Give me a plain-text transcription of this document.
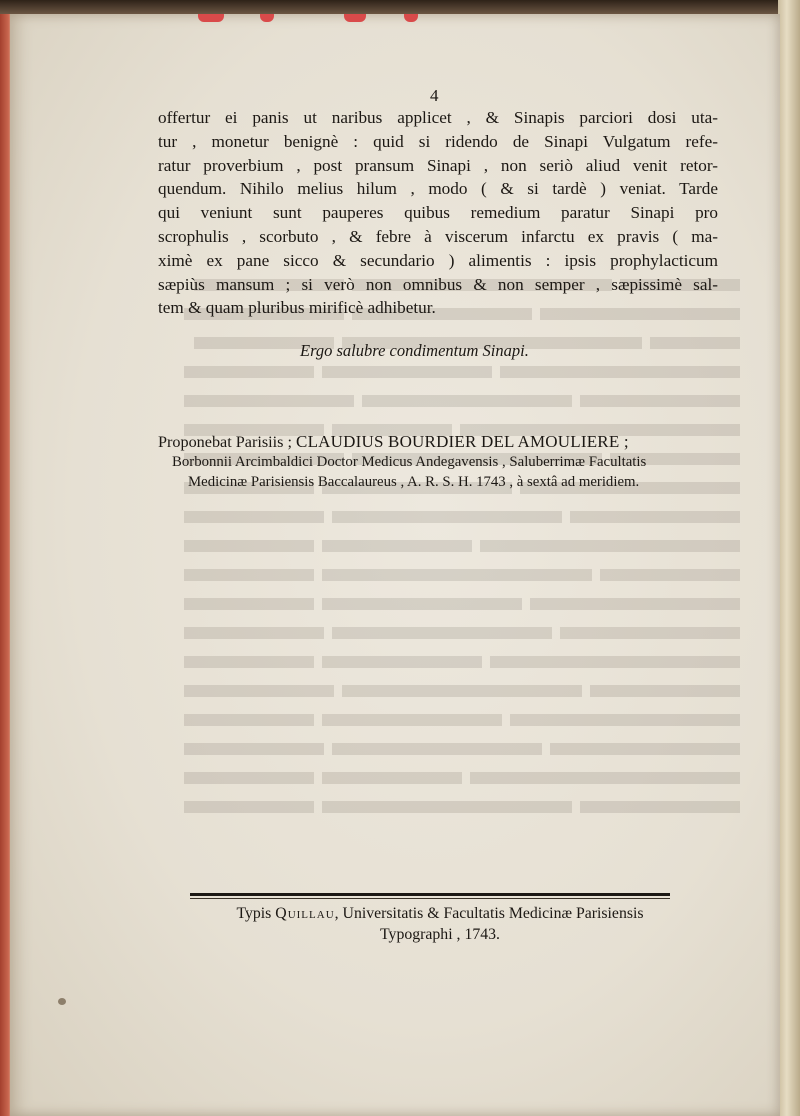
4
offertur ei panis ut naribus applicet , & Sinapis parciori dosi uta-
tur , monetur benignè : quid si ridendo de Sinapi Vulgatum refe-
ratur proverbium , post pransum Sinapi , non seriò aliud venit retor-
quendum. Nihilo melius hilum , modo ( & si tardè ) veniat. Tarde
qui veniunt sunt pauperes quibus remedium paratur Sinapi pro
scrophulis , scorbuto , & febre à viscerum infarctu ex pravis ( ma-
ximè ex pane sicco & secundario ) alimentis : ipsis prophylacticum
sæpiùs mansum ; si verò non omnibus & non semper , sæpissimè sal-
tem & quam pluribus mirificè adhibetur.
Ergo salubre condimentum Sinapi.
Proponebat Parisiis ; CLAUDIUS BOURDIER DEL AMOULIERE ;
Borbonnii Arcimbaldici Doctor Medicus Andegavensis , Saluberrimæ Facultatis
Medicinæ Parisiensis Baccalaureus , A. R. S. H. 1743 , à sextâ ad meridiem.
Typis Quillau, Universitatis & Facultatis Medicinæ Parisiensis
Typographi , 1743.
